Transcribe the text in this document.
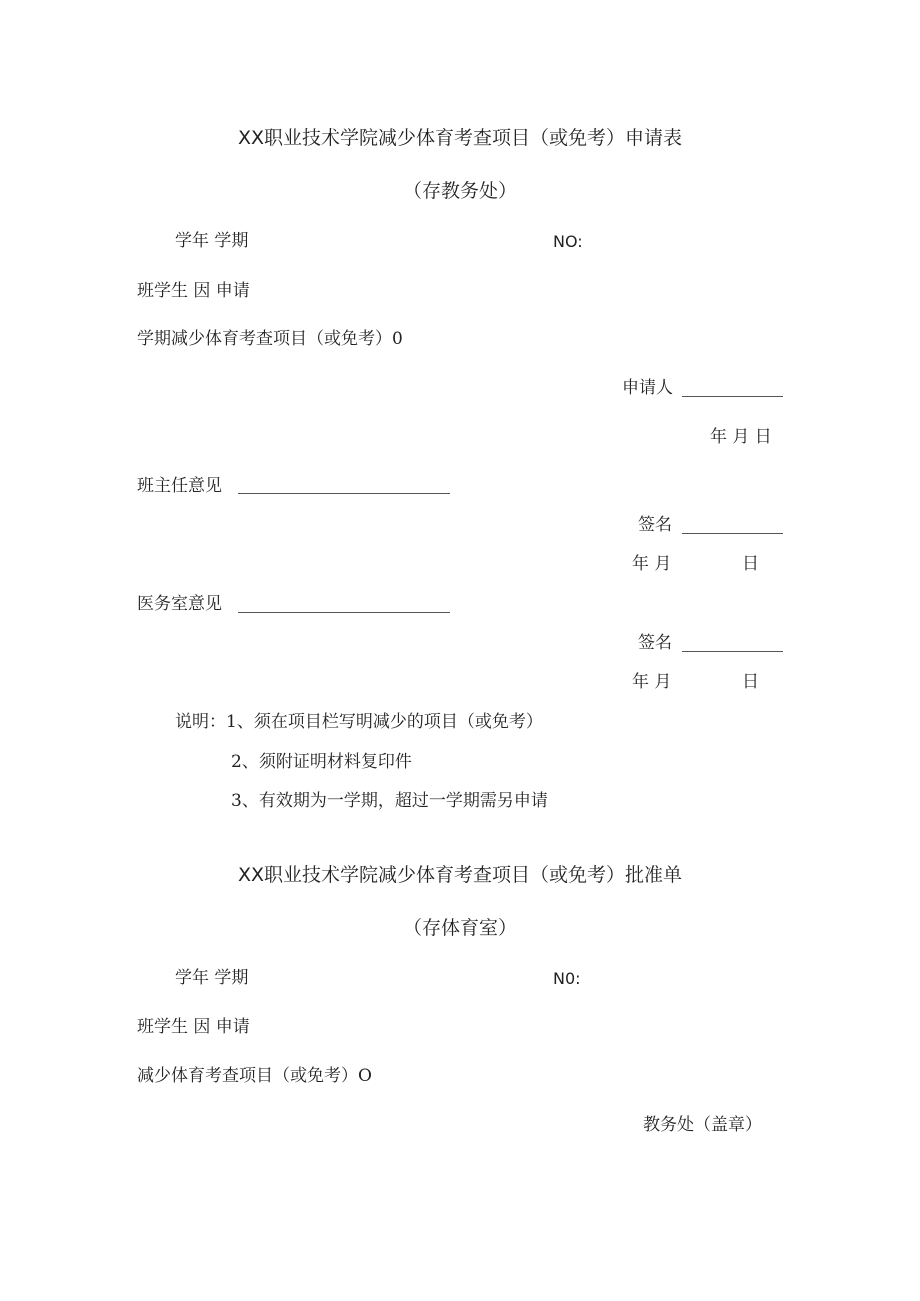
XX职业技术学院减少体育考查项目（或免考）申请表
（存教务处）
学年 学期	NO:
班学生 因 申请
学期减少体育考查项目（或免考）0
申请人
年 月 日
班主任意见
签名
年 月	日
医务室意见
签名
年 月	日
说明：1、须在项目栏写明减少的项目（或免考）
2、须附证明材料复印件
3、有效期为一学期，超过一学期需另申请
XX职业技术学院减少体育考查项目（或免考）批准单
（存体育室）
学年 学期	N0:
班学生 因 申请
减少体育考查项目（或免考）O
教务处（盖章）
